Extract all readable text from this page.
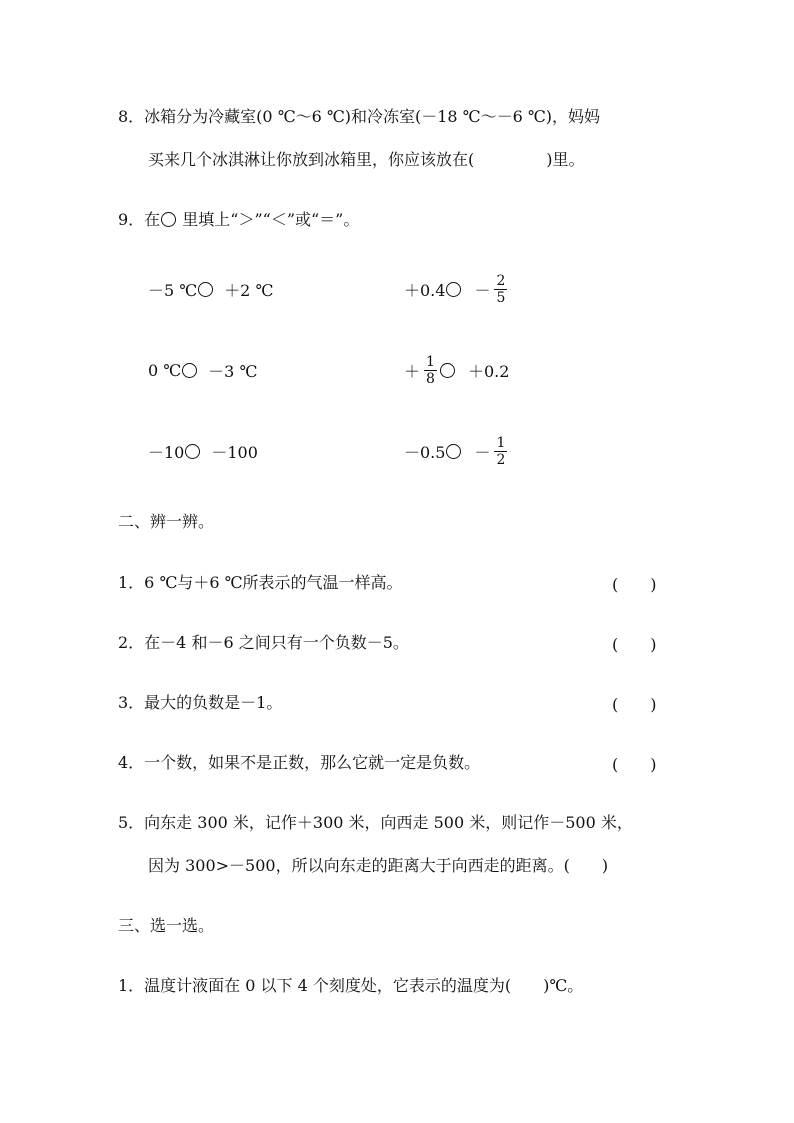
8．冰箱分为冷藏室(0 ℃～6 ℃)和冷冻室(－18 ℃～－6 ℃)，妈妈
买来几个冰淇淋让你放到冰箱里，你应该放在(	)里。
9．在 里填上“＞”“＜”或“＝”。
－5 ℃ ＋2 ℃	$+0.4 - \frac{2}{5}$
0 ℃ －3 ℃	＋ $\frac{1}{8} +0.2$
－10 －100	$-0.5 - \frac{1}{2}$
二、辨一辨。
1．6 ℃与＋6 ℃所表示的气温一样高。	(　　)
2．在－4 和－6 之间只有一个负数－5。	(　　)
3．最大的负数是－1。	(　　)
4．一个数，如果不是正数，那么它就一定是负数。	(　　)
5．向东走 300 米，记作＋300 米，向西走 500 米，则记作－500 米，
因为 300>－500，所以向东走的距离大于向西走的距离。(　　)
三、选一选。
1．温度计液面在 0 以下 4 个刻度处，它表示的温度为(　　)℃。
